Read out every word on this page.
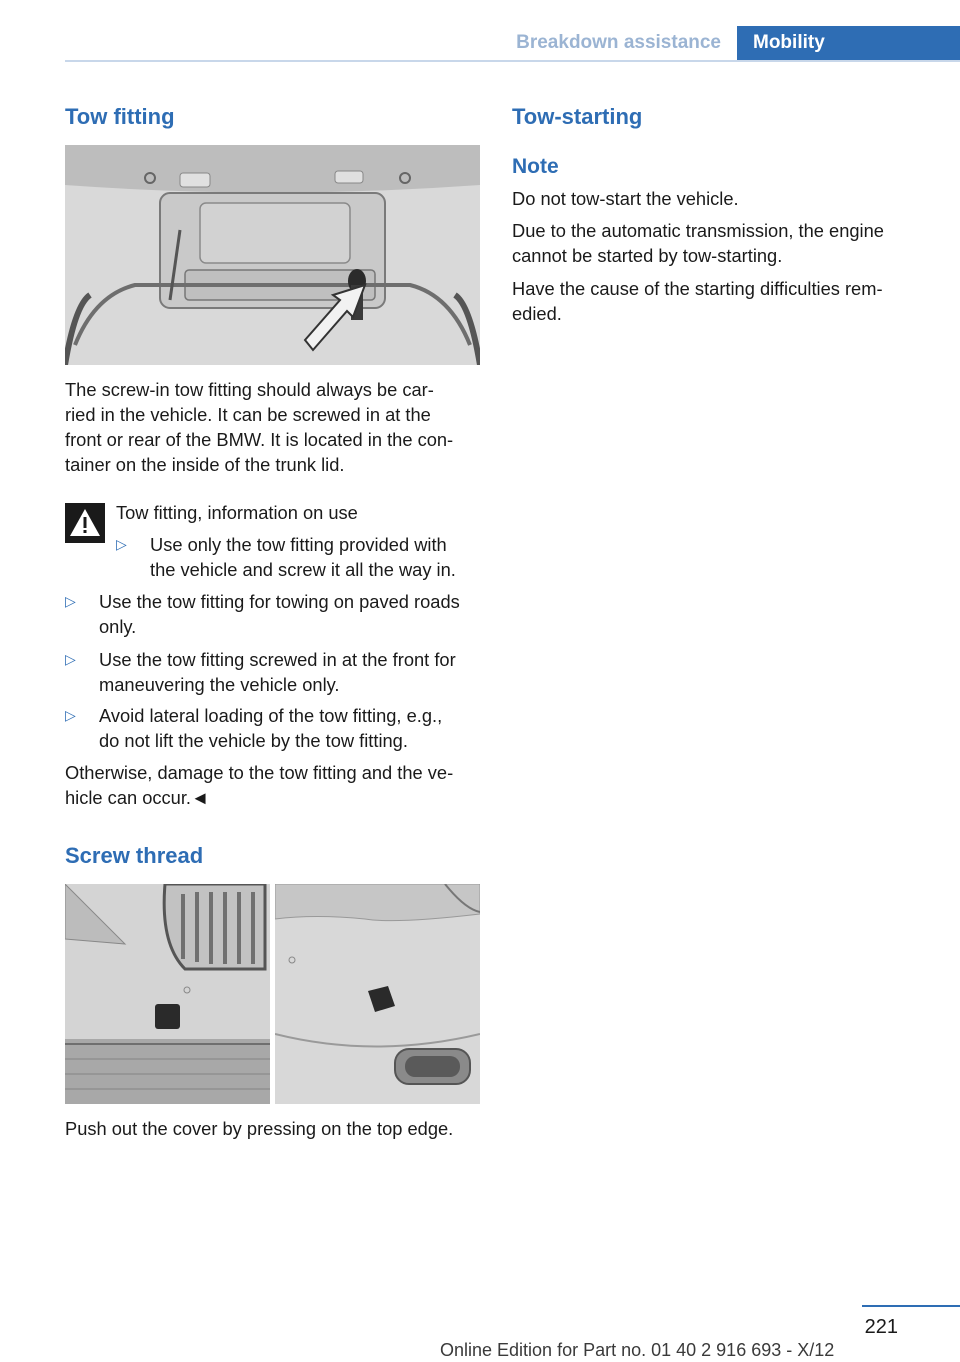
Breakdown assistance	Mobility
Tow fitting

The screw-in tow fitting should always be car-

ried in the vehicle. It can be screwed in at the

front or rear of the BMW. It is located in the con-

tainer on the inside of the trunk lid.

Tow fitting, information on use

▷ Use only the tow fitting provided with

the vehicle and screw it all the way in.

▷ Use the tow fitting for towing on paved roads

only.

▷ Use the tow fitting screwed in at the front for

maneuvering the vehicle only.

▷ Avoid lateral loading of the tow fitting, e.g.,

do not lift the vehicle by the tow fitting.

Otherwise, damage to the tow fitting and the ve-

hicle can occur.◄

Screw thread

Push out the cover by pressing on the top edge.

Tow-starting
Note

Do not tow-start the vehicle.

Due to the automatic transmission, the engine

cannot be started by tow-starting.

Have the cause of the starting difficulties rem-

edied.

221
Online Edition for Part no. 01 40 2 916 693 - X/12
